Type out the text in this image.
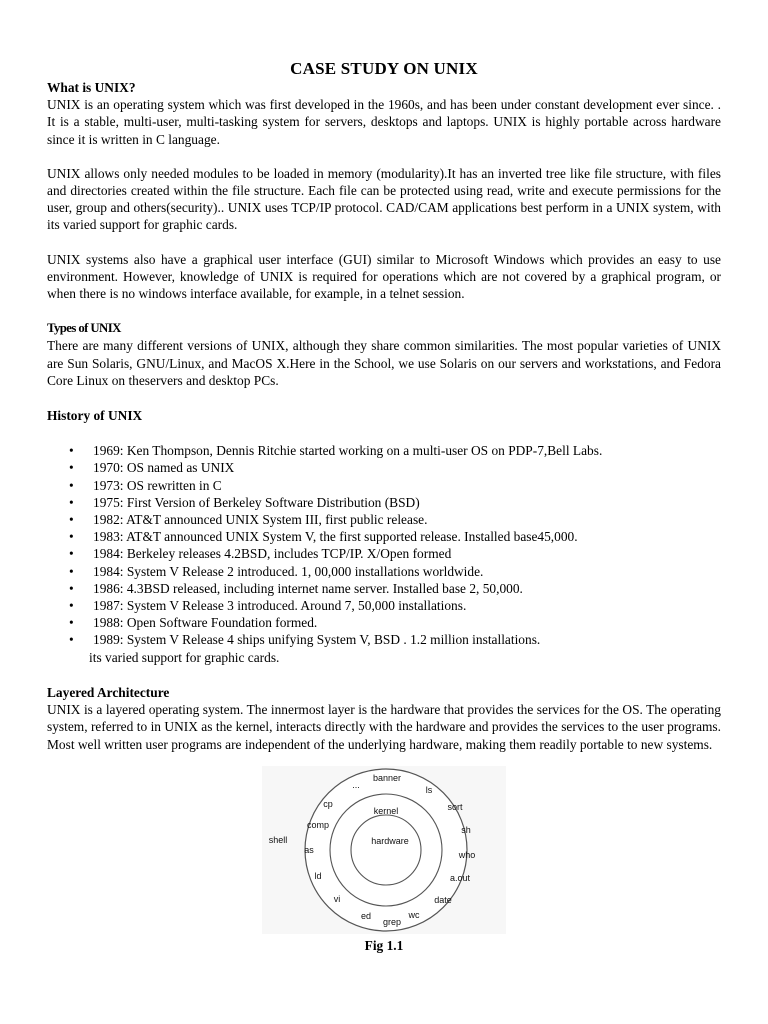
CASE STUDY ON UNIX
What is UNIX?

UNIX is an operating system which was first developed in the 1960s, and has been under constant development ever since. . It is a stable, multi-user, multi-tasking system for servers, desktops and laptops. UNIX is highly portable across hardware since it is written in C language.

UNIX allows only needed modules to be loaded in memory (modularity).It has an inverted tree like file structure, with files and directories created within the file structure. Each file can be protected using read, write and execute permissions for the user, group and others(security).. UNIX uses TCP/IP protocol. CAD/CAM applications best perform in a UNIX system, with its varied support for graphic cards.

UNIX systems also have a graphical user interface (GUI) similar to Microsoft Windows which provides an easy to use environment. However, knowledge of UNIX is required for operations which are not covered by a graphical program, or when there is no windows interface available, for example, in a telnet session.

Types of UNIX

There are many different versions of UNIX, although they share common similarities. The most popular varieties of UNIX are Sun Solaris, GNU/Linux, and MacOS X.Here in the School, we use Solaris on our servers and workstations, and Fedora Core Linux on theservers and desktop PCs.

History of UNIX
• 1969: Ken Thompson, Dennis Ritchie started working on a multi-user OS on PDP-7,Bell Labs.
• 1970: OS named as UNIX
• 1973: OS rewritten in C
• 1975: First Version of Berkeley Software Distribution (BSD)
• 1982: AT&T announced UNIX System III, first public release.
• 1983: AT&T announced UNIX System V, the first supported release. Installed base45,000.
• 1984: Berkeley releases 4.2BSD, includes TCP/IP. X/Open formed
• 1984: System V Release 2 introduced. 1, 00,000 installations worldwide.
• 1986: 4.3BSD released, including internet name server. Installed base 2, 50,000.
• 1987: System V Release 3 introduced. Around 7, 50,000 installations.
• 1988: Open Software Foundation formed.
• 1989: System V Release 4 ships unifying System V, BSD . 1.2 million installations.
its varied support for graphic cards.
Layered Architecture

UNIX is a layered operating system. The innermost layer is the hardware that provides the services for the OS. The operating system, referred to in UNIX as the kernel, interacts directly with the hardware and provides the services to the user programs. Most well written user programs are independent of the underlying hardware, making them readily portable to new systems.

hardware
kernel
banner
ls
sort
sh
who
a.out
date
wc
grep
ed
vi
ld
as
comp
cp
...
shell
Fig 1.1
